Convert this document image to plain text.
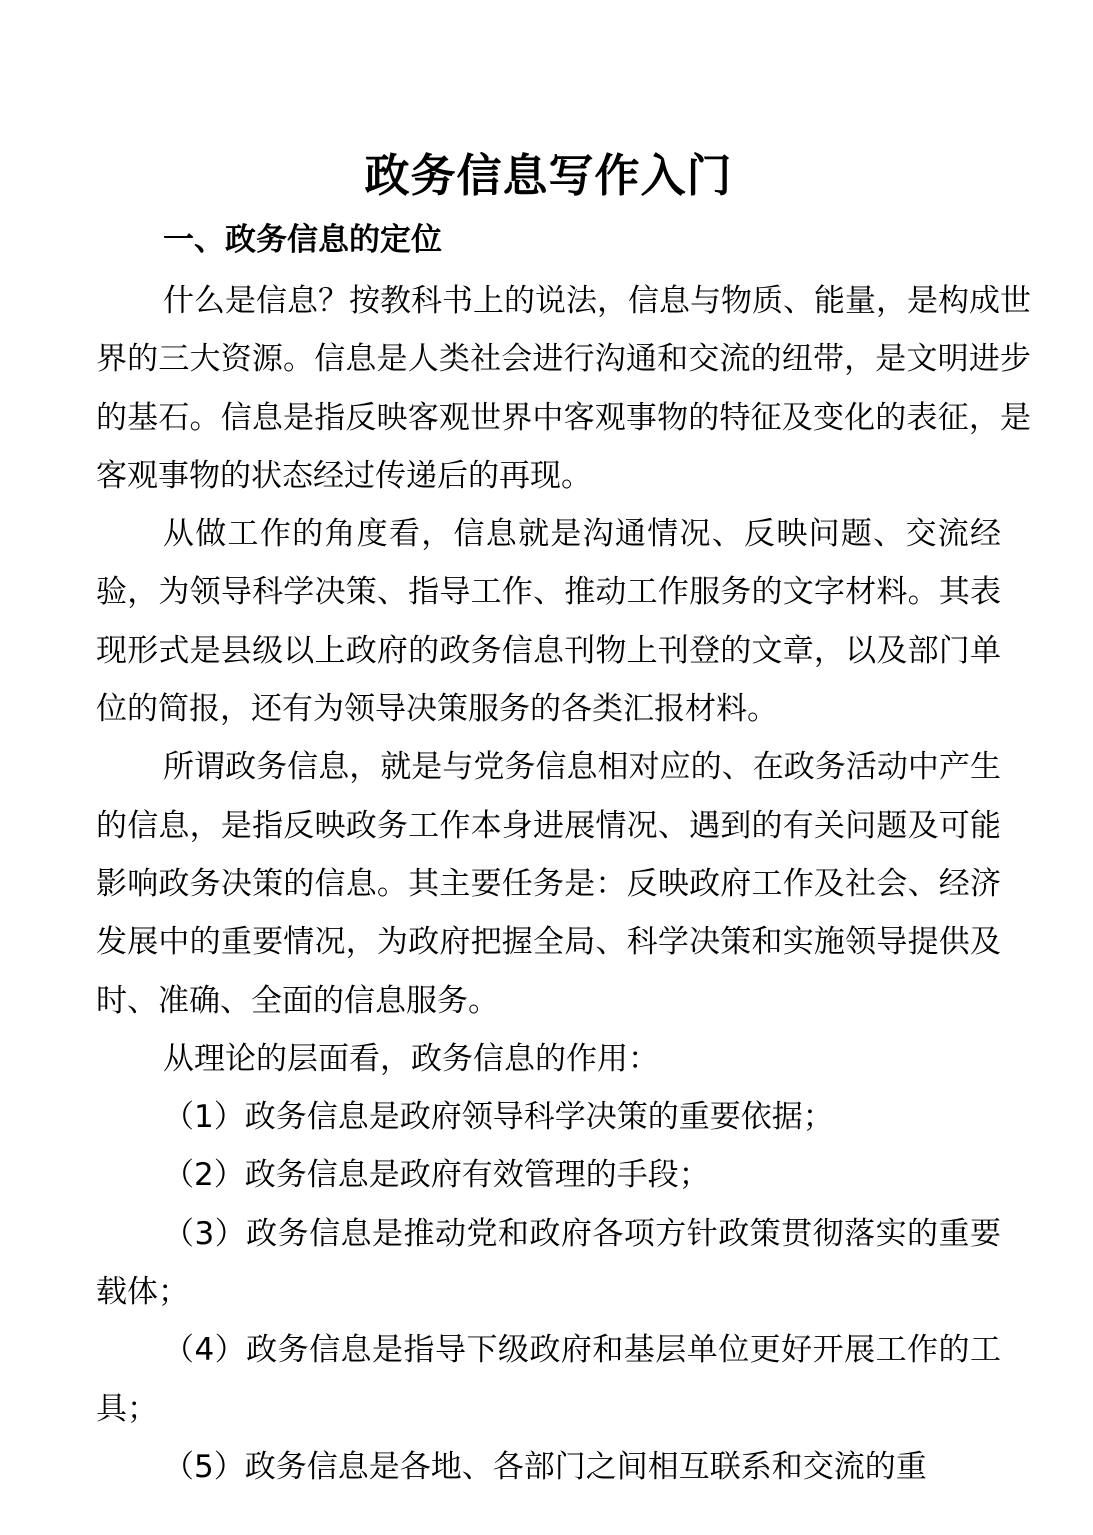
政务信息写作入门
一、政务信息的定位

什么是信息？按教科书上的说法，信息与物质、能量，是构成世界的三大资源。信息是人类社会进行沟通和交流的纽带，是文明进步的基石。信息是指反映客观世界中客观事物的特征及变化的表征，是客观事物的状态经过传递后的再现。

从做工作的角度看，信息就是沟通情况、反映问题、交流经验，为领导科学决策、指导工作、推动工作服务的文字材料。其表现形式是县级以上政府的政务信息刊物上刊登的文章，以及部门单位的简报，还有为领导决策服务的各类汇报材料。

所谓政务信息，就是与党务信息相对应的、在政务活动中产生的信息，是指反映政务工作本身进展情况、遇到的有关问题及可能影响政务决策的信息。其主要任务是：反映政府工作及社会、经济发展中的重要情况，为政府把握全局、科学决策和实施领导提供及时、准确、全面的信息服务。

从理论的层面看，政务信息的作用：

（1）政务信息是政府领导科学决策的重要依据；

（2）政务信息是政府有效管理的手段；

（3）政务信息是推动党和政府各项方针政策贯彻落实的重要载体；

（4）政务信息是指导下级政府和基层单位更好开展工作的工具；

（5）政务信息是各地、各部门之间相互联系和交流的重
